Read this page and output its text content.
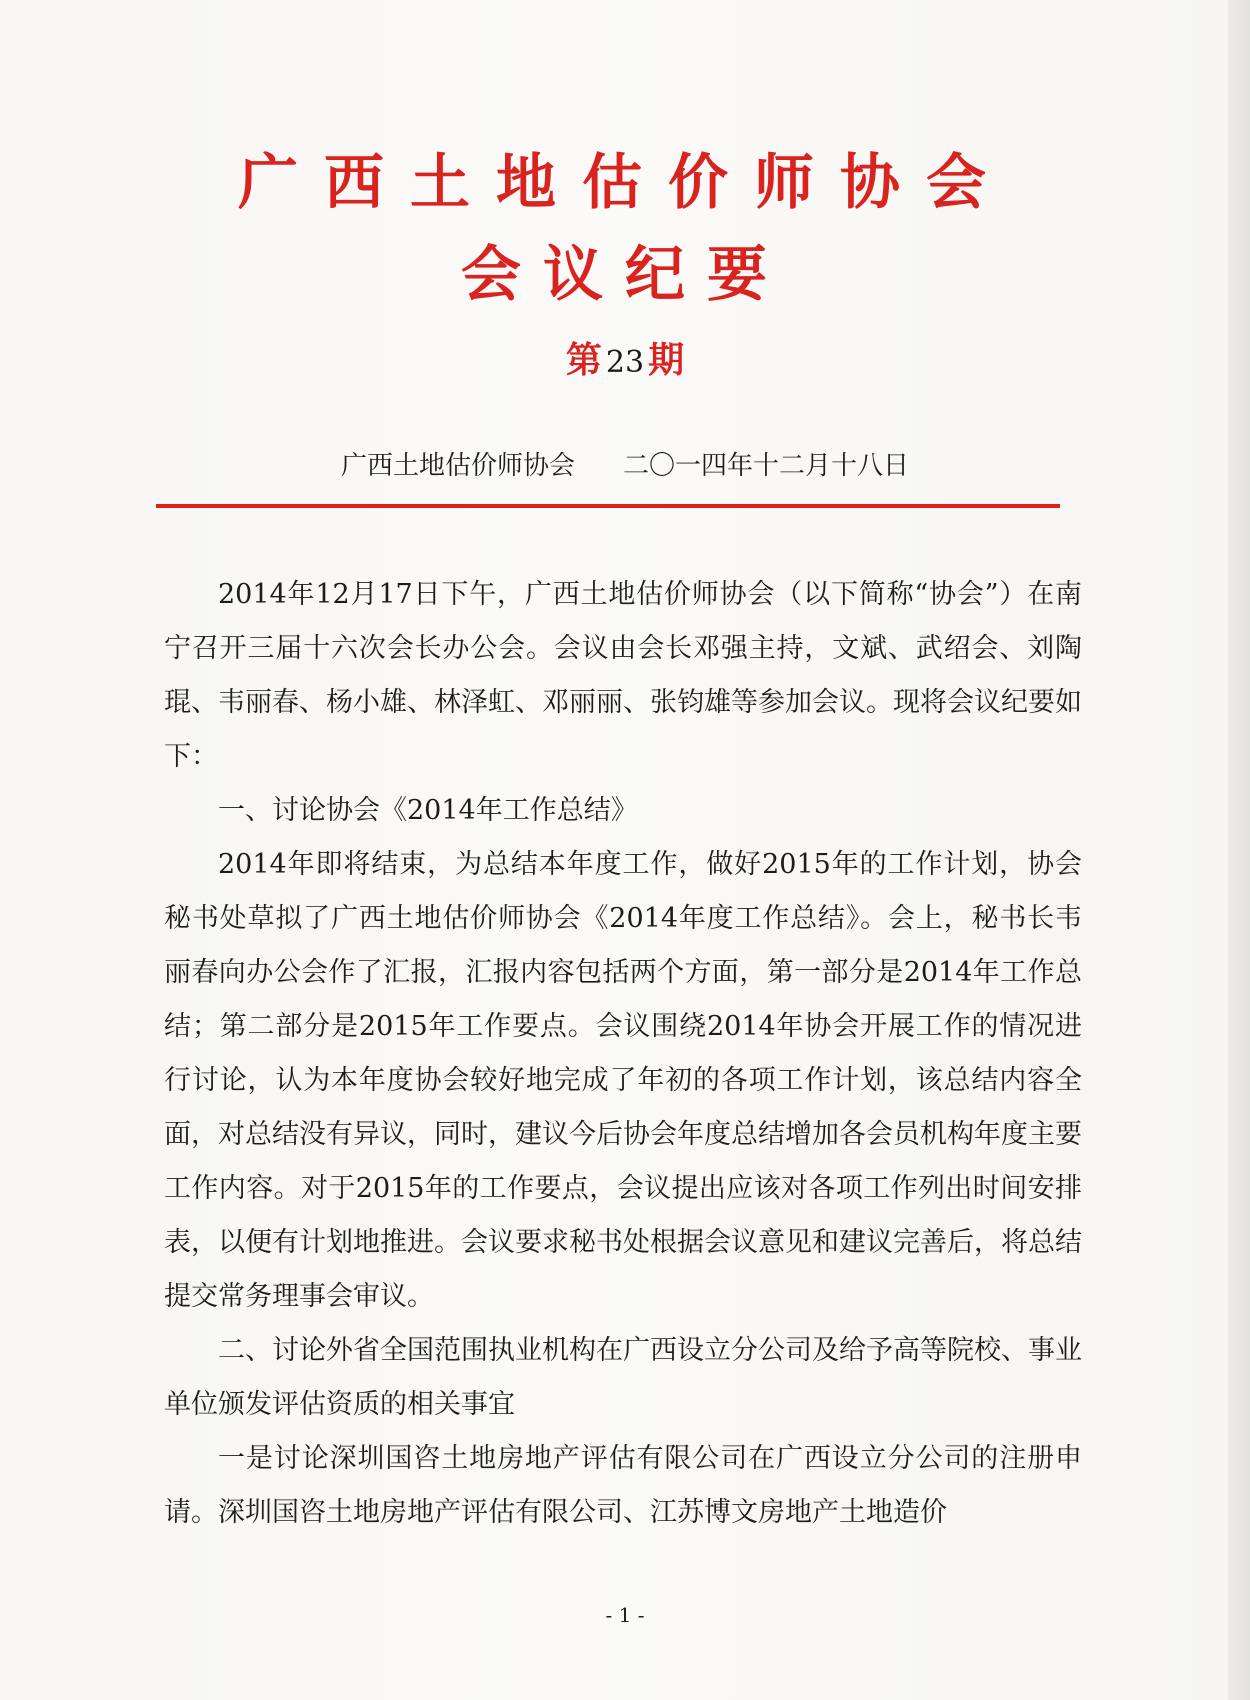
广西土地估价师协会
会议纪要
第 23 期
广西土地估价师协会 二〇一四年十二月十八日

2014年12月17日下午，广西土地估价师协会（以下简称“协会”）在南宁召开三届十六次会长办公会。会议由会长邓强主持，文斌、武绍会、刘陶琨、韦丽春、杨小雄、林泽虹、邓丽丽、张钧雄等参加会议。现将会议纪要如下：

一、讨论协会《2014年工作总结》

2014年即将结束，为总结本年度工作，做好2015年的工作计划，协会秘书处草拟了广西土地估价师协会《2014年度工作总结》。会上，秘书长韦丽春向办公会作了汇报，汇报内容包括两个方面，第一部分是2014年工作总结；第二部分是2015年工作要点。会议围绕2014年协会开展工作的情况进行讨论，认为本年度协会较好地完成了年初的各项工作计划，该总结内容全面，对总结没有异议，同时，建议今后协会年度总结增加各会员机构年度主要工作内容。对于2015年的工作要点，会议提出应该对各项工作列出时间安排表，以便有计划地推进。会议要求秘书处根据会议意见和建议完善后，将总结提交常务理事会审议。

二、讨论外省全国范围执业机构在广西设立分公司及给予高等院校、事业单位颁发评估资质的相关事宜

一是讨论深圳国咨土地房地产评估有限公司在广西设立分公司的注册申请。深圳国咨土地房地产评估有限公司、江苏博文房地产土地造价

- 1 -
